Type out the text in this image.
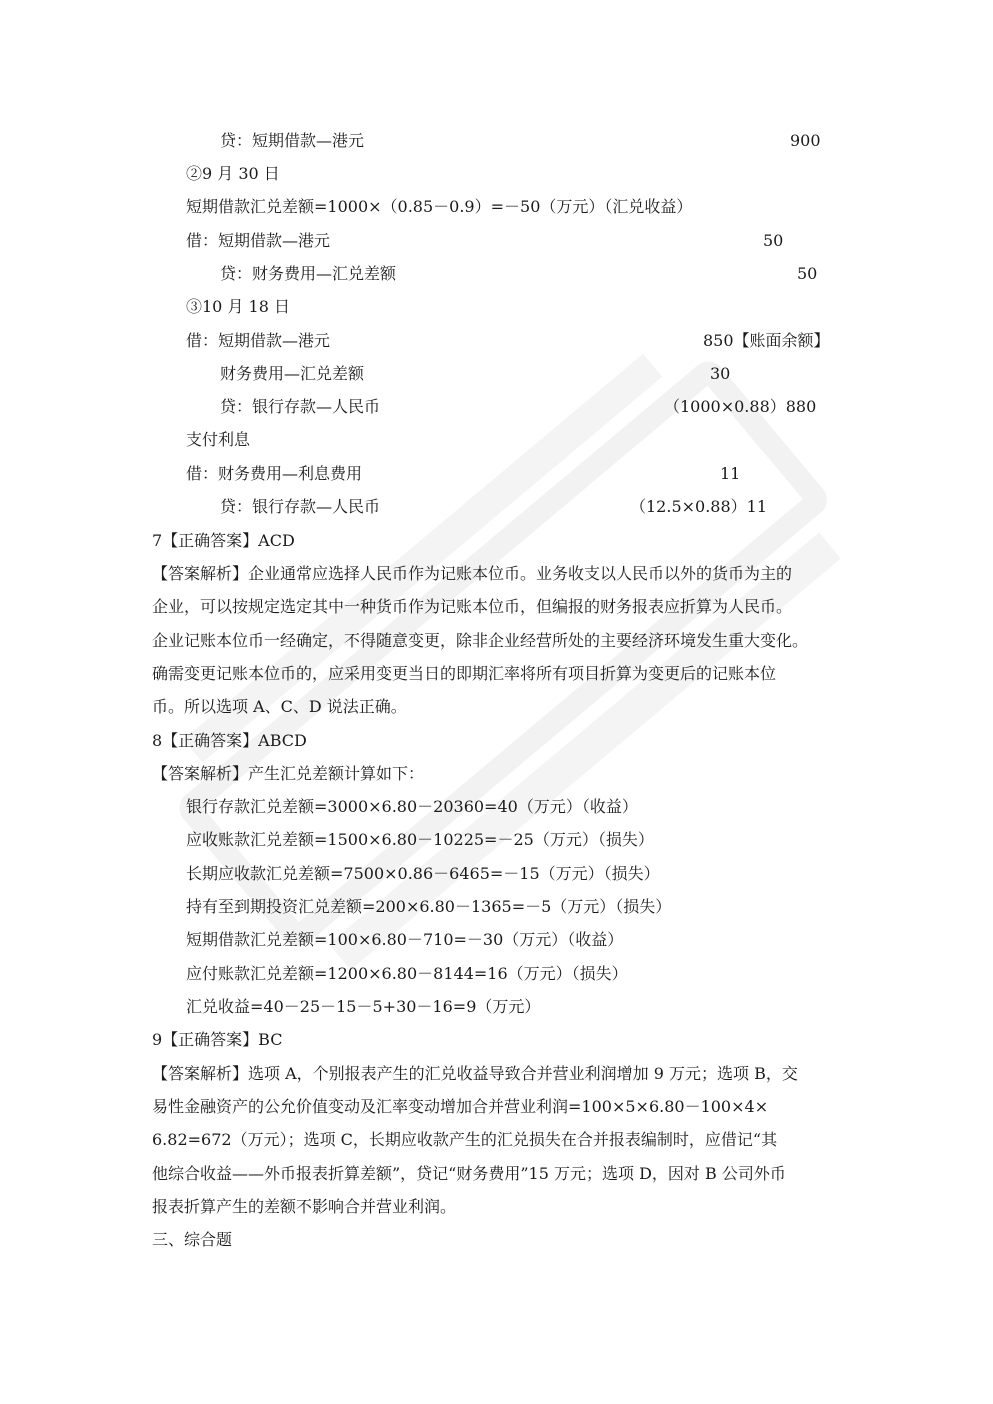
贷：短期借款—港元	900
②9 月 30 日
短期借款汇兑差额=1000×（0.85－0.9）=－50（万元）（汇兑收益）
借：短期借款—港元	50
贷：财务费用—汇兑差额	50
③10 月 18 日
借：短期借款—港元	850【账面余额】
财务费用—汇兑差额	30
贷：银行存款—人民币	（1000×0.88）880
支付利息
借：财务费用—利息费用	11
贷：银行存款—人民币	（12.5×0.88）11
7【正确答案】ACD
【答案解析】企业通常应选择人民币作为记账本位币。业务收支以人民币以外的货币为主的
企业，可以按规定选定其中一种货币作为记账本位币，但编报的财务报表应折算为人民币。
企业记账本位币一经确定，不得随意变更，除非企业经营所处的主要经济环境发生重大变化。
确需变更记账本位币的，应采用变更当日的即期汇率将所有项目折算为变更后的记账本位
币。所以选项 A、C、D 说法正确。
8【正确答案】ABCD
【答案解析】产生汇兑差额计算如下：
银行存款汇兑差额=3000×6.80－20360=40（万元）（收益）
应收账款汇兑差额=1500×6.80－10225=－25（万元）（损失）
长期应收款汇兑差额=7500×0.86－6465=－15（万元）（损失）
持有至到期投资汇兑差额=200×6.80－1365=－5（万元）（损失）
短期借款汇兑差额=100×6.80－710=－30（万元）（收益）
应付账款汇兑差额=1200×6.80－8144=16（万元）（损失）
汇兑收益=40－25－15－5+30－16=9（万元）
9【正确答案】BC
【答案解析】选项 A，个别报表产生的汇兑收益导致合并营业利润增加 9 万元；选项 B，交
易性金融资产的公允价值变动及汇率变动增加合并营业利润=100×5×6.80－100×4×
6.82=672（万元）；选项 C，长期应收款产生的汇兑损失在合并报表编制时，应借记“其
他综合收益——外币报表折算差额”，贷记“财务费用”15 万元；选项 D，因对 B 公司外币
报表折算产生的差额不影响合并营业利润。
三、综合题
